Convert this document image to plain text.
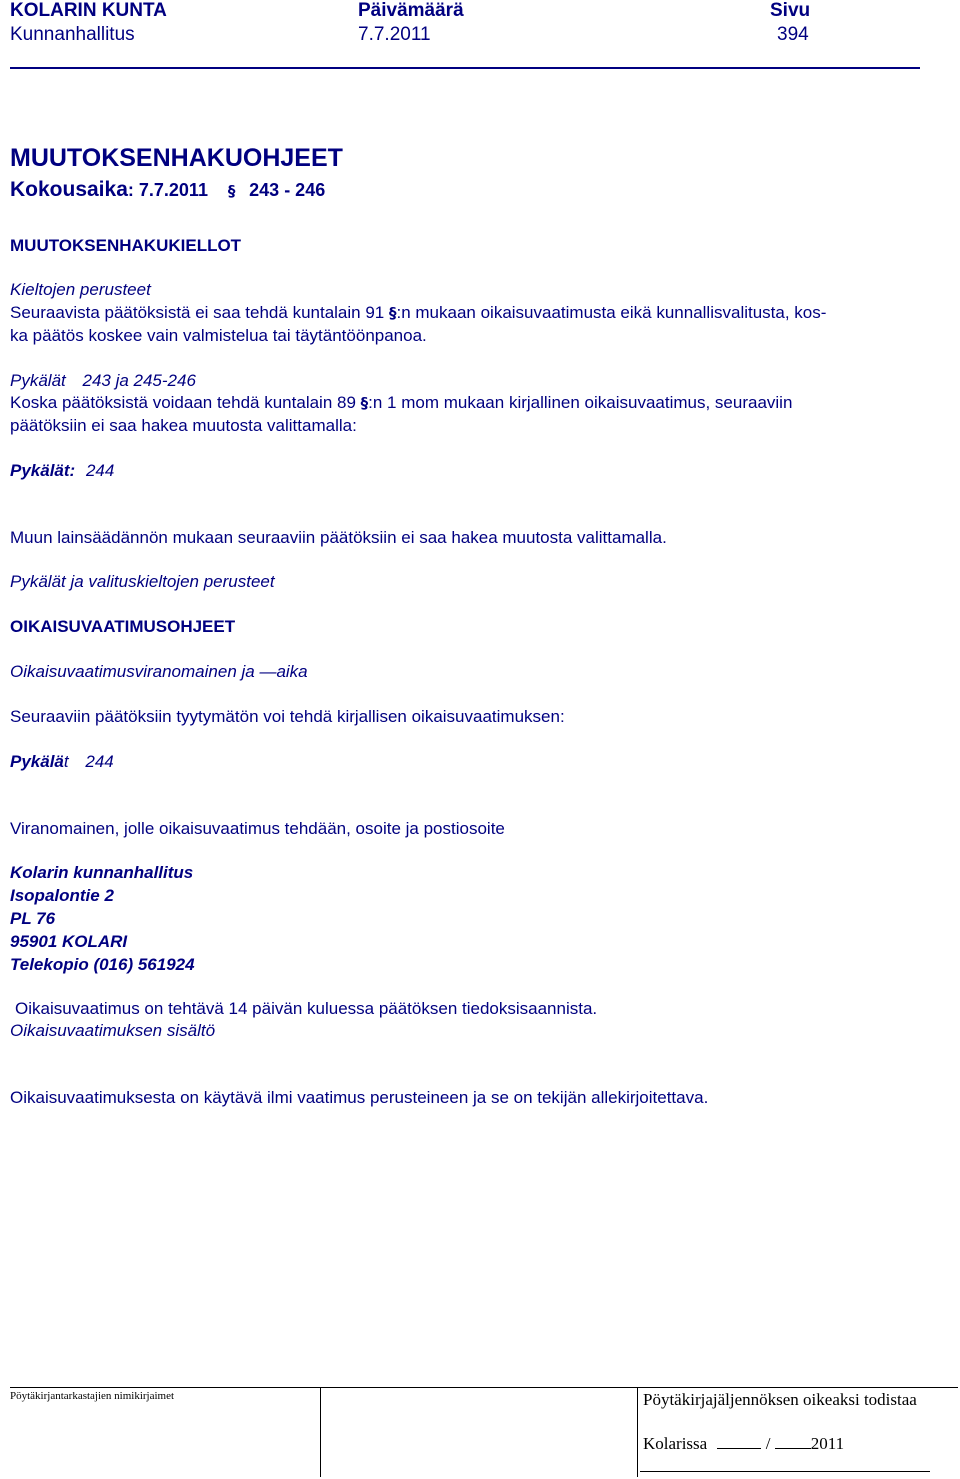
KOLARIN KUNTA
Kunnanhallitus
Päivämäärä
7.7.2011
Sivu
394
MUUTOKSENHAKUOHJEET
Kokousaika: 7.7.2011 § 243 - 246
MUUTOKSENHAKUKIELLOT
Kieltojen perusteet
Seuraavista päätöksistä ei saa tehdä kuntalain 91 §:n mukaan oikaisuvaatimusta eikä kunnallisvalitusta, kos-
ka päätös koskee vain valmistelua tai täytäntöönpanoa.
Pykälät 243 ja 245-246
Koska päätöksistä voidaan tehdä kuntalain 89 §:n 1 mom mukaan kirjallinen oikaisuvaatimus, seuraaviin
päätöksiin ei saa hakea muutosta valittamalla:
Pykälät: 244
Muun lainsäädännön mukaan seuraaviin päätöksiin ei saa hakea muutosta valittamalla.
Pykälät ja valituskieltojen perusteet
OIKAISUVAATIMUSOHJEET
Oikaisuvaatimusviranomainen ja —aika
Seuraaviin päätöksiin tyytymätön voi tehdä kirjallisen oikaisuvaatimuksen:
Pykälät 244
Viranomainen, jolle oikaisuvaatimus tehdään, osoite ja postiosoite
Kolarin kunnanhallitus
Isopalontie 2
PL 76
95901 KOLARI
Telekopio (016) 561924
Oikaisuvaatimus on tehtävä 14 päivän kuluessa päätöksen tiedoksisaannista.
Oikaisuvaatimuksen sisältö
Oikaisuvaatimuksesta on käytävä ilmi vaatimus perusteineen ja se on tekijän allekirjoitettava.
Pöytäkirjantarkastajien nimikirjaimet	Pöytäkirjajäljennöksen oikeaksi todistaa
Kolarissa	/ 2011
